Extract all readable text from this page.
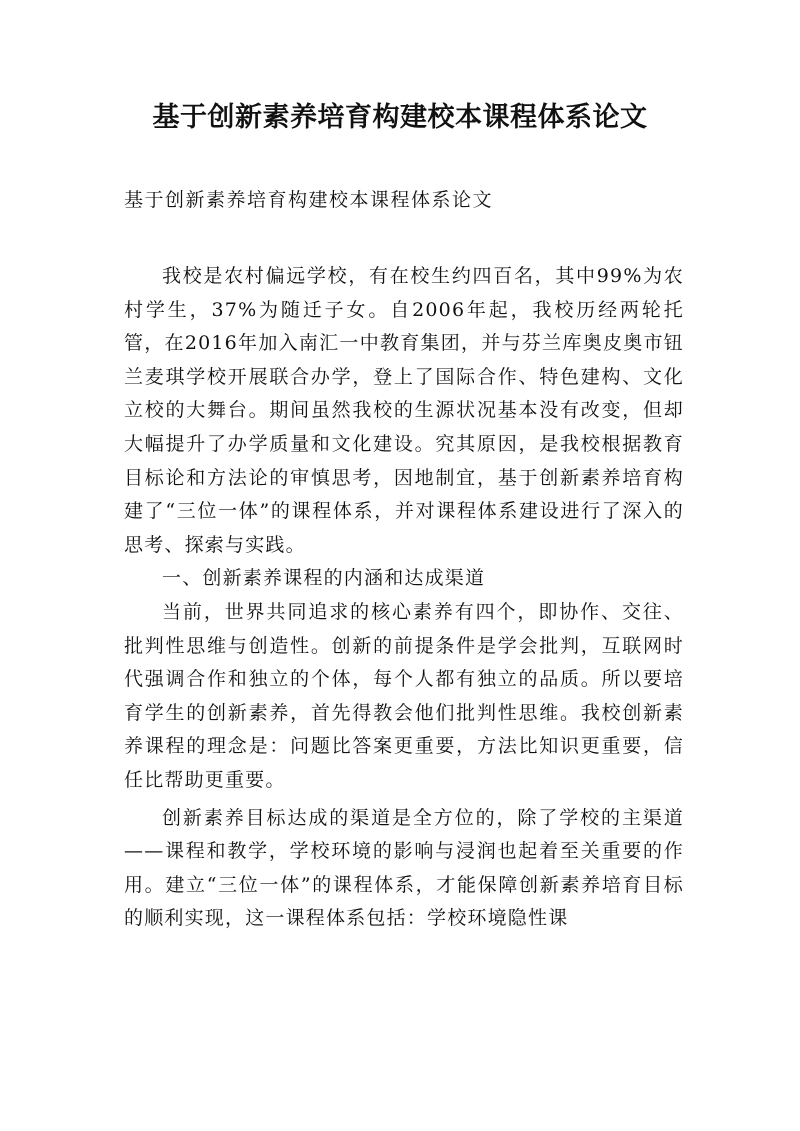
基于创新素养培育构建校本课程体系论文

基于创新素养培育构建校本课程体系论文

我校是农村偏远学校，有在校生约四百名，其中99%为农村学生，37%为随迁子女。自2006年起，我校历经两轮托管，在2016年加入南汇一中教育集团，并与芬兰库奥皮奥市钮兰麦琪学校开展联合办学，登上了国际合作、特色建构、文化立校的大舞台。期间虽然我校的生源状况基本没有改变，但却大幅提升了办学质量和文化建设。究其原因，是我校根据教育目标论和方法论的审慎思考，因地制宜，基于创新素养培育构建了“三位一体”的课程体系，并对课程体系建设进行了深入的思考、探索与实践。

一、创新素养课程的内涵和达成渠道

当前，世界共同追求的核心素养有四个，即协作、交往、批判性思维与创造性。创新的前提条件是学会批判，互联网时代强调合作和独立的个体，每个人都有独立的品质。所以要培育学生的创新素养，首先得教会他们批判性思维。我校创新素养课程的理念是：问题比答案更重要，方法比知识更重要，信任比帮助更重要。

创新素养目标达成的渠道是全方位的，除了学校的主渠道——课程和教学，学校环境的影响与浸润也起着至关重要的作用。建立“三位一体”的课程体系，才能保障创新素养培育目标的顺利实现，这一课程体系包括：学校环境隐性课
